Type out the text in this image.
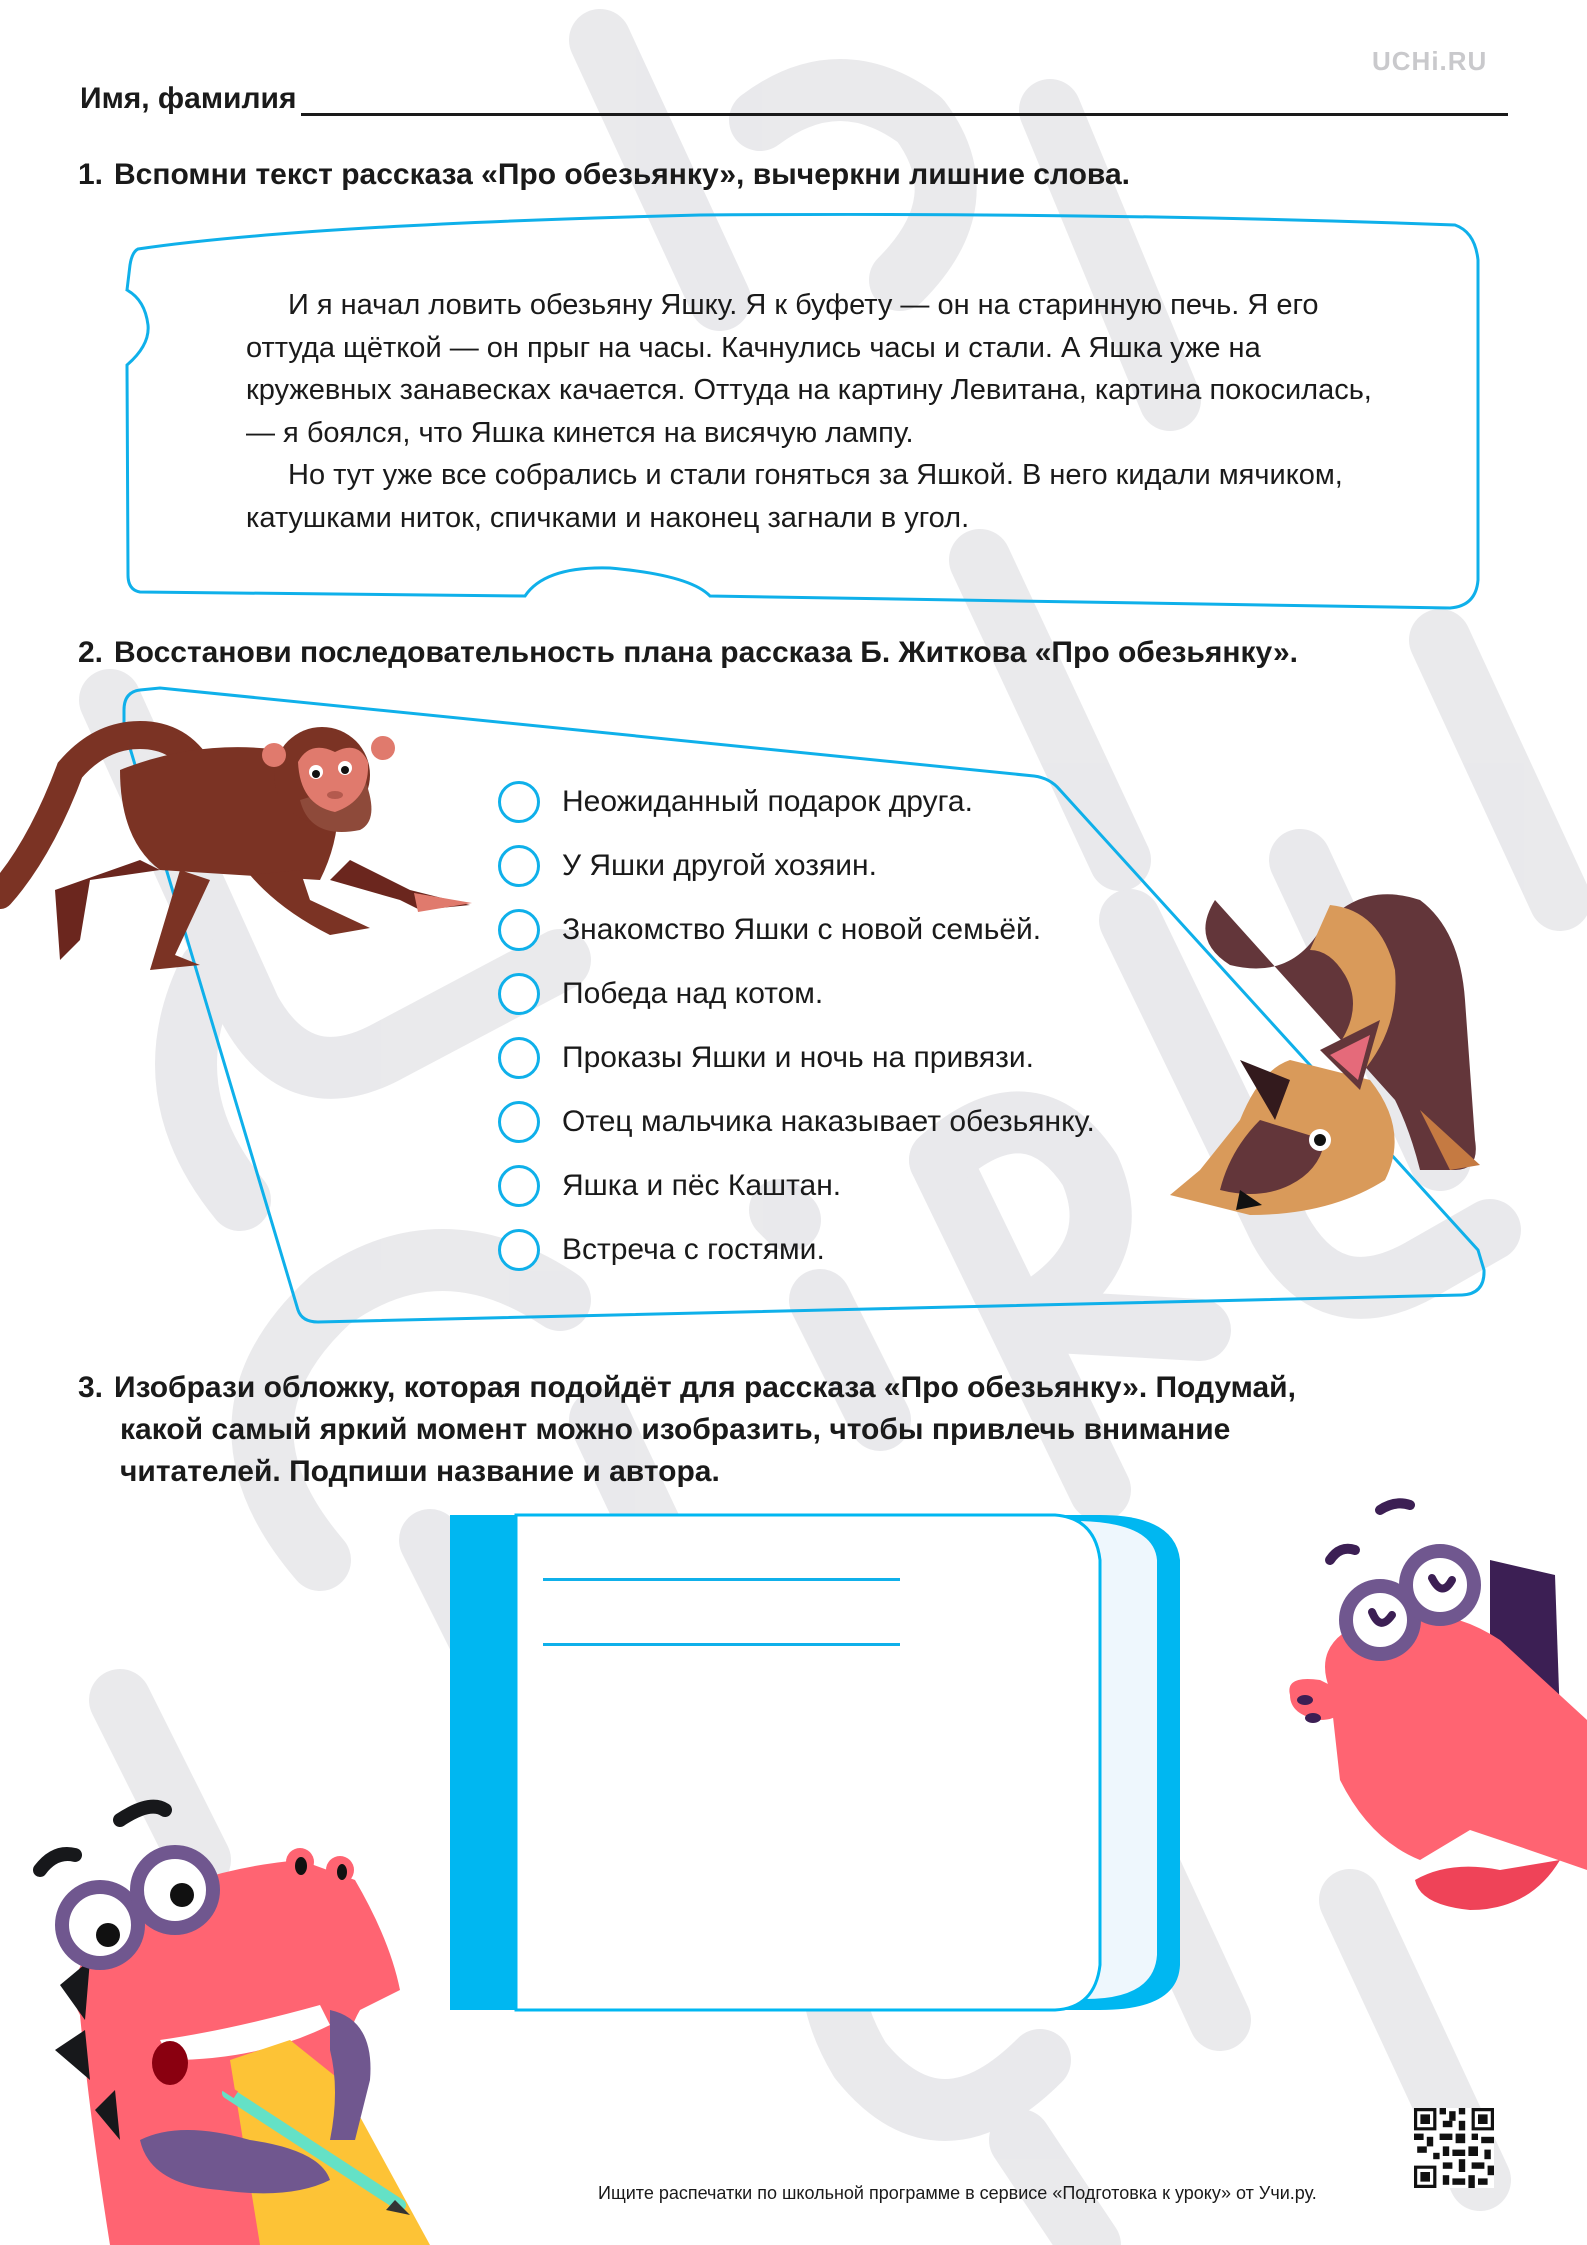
UCHi.RU
Имя, фамилия
1. Вспомни текст рассказа «Про обезьянку», вычеркни лишние слова.

И я начал ловить обезьяну Яшку. Я к буфету — он на старинную печь. Я его оттуда щёткой — он прыг на часы. Качнулись часы и стали. А Яшка уже на кружевных занавесках качается. Оттуда на картину Левитана, картина покосилась, — я боялся, что Яшка кинется на висячую лампу.

Но тут уже все собрались и стали гоняться за Яшкой. В него кидали мячиком, катушками ниток, спичками и наконец загнали в угол.

2. Восстанови последовательность плана рассказа Б. Житкова «Про обезьянку».
Неожиданный подарок друга.
У Яшки другой хозяин.
Знакомство Яшки с новой семьёй.
Победа над котом.
Проказы Яшки и ночь на привязи.
Отец мальчика наказывает обезьянку.
Яшка и пёс Каштан.
Встреча с гостями.
3. Изобрази обложку, которая подойдёт для рассказа «Про обезьянку». Подумай,
какой самый яркий момент можно изобразить, чтобы привлечь внимание
читателей. Подпиши название и автора.
Ищите распечатки по школьной программе в сервисе «Подготовка к уроку» от Учи.ру.
